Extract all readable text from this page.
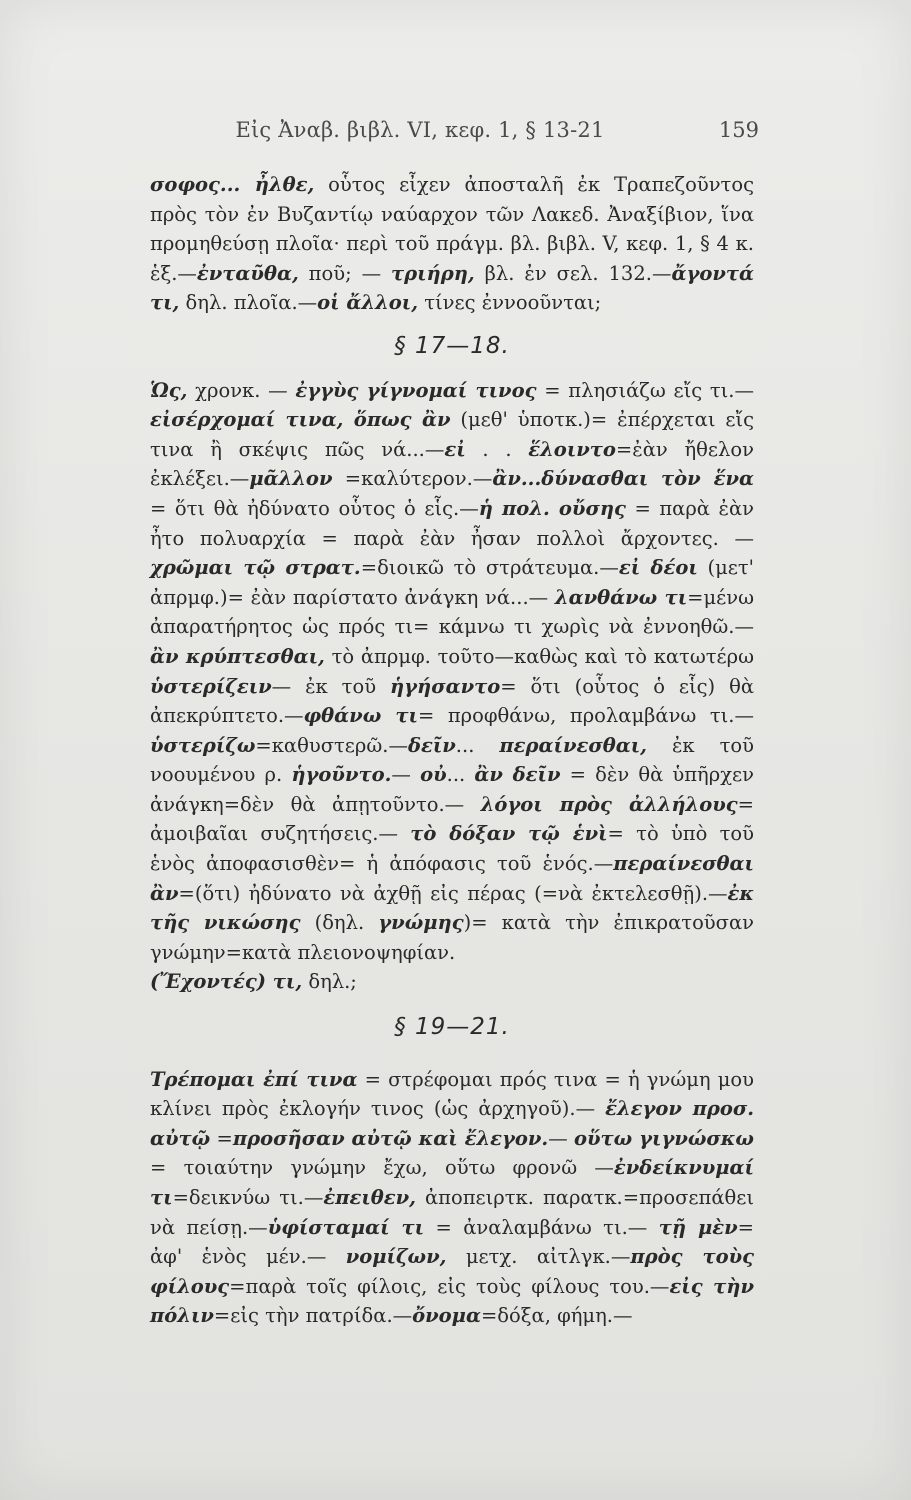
Εἰς Ἀναβ. βιβλ. VI, κεφ. 1, § 13-21	159

σοφος... ἦλθε, οὗτος εἶχεν ἀποσταλῆ ἐκ Τραπεζοῦντος πρὸς τὸν ἐν Βυζαντίῳ ναύαρχον τῶν Λακεδ. Ἀναξίβιον, ἵνα προμηθεύσῃ πλοῖα· περὶ τοῦ πράγμ. βλ. βιβλ. V, κεφ. 1, § 4 κ. ἑξ.—ἐνταῦθα, ποῦ; — τριήρη, βλ. ἐν σελ. 132.—ἄγοντά τι, δηλ. πλοῖα.—οἱ ἄλλοι, τίνες ἐννοοῦνται;

§ 17—18.

Ὡς, χρονκ. — ἐγγὺς γίγνομαί τινος = πλησιάζω εἴς τι.— εἰσέρχομαί τινα, ὅπως ἂν (μεθ' ὑποτκ.)= ἐπέρχεται εἴς τινα ἢ σκέψις πῶς νά...—εἰ . . ἕλοιντο=ἐὰν ἤθελον ἐκλέξει.—μᾶλλον =καλύτερον.—ἂν...δύνασθαι τὸν ἕνα = ὅτι θὰ ἠδύνατο οὗτος ὁ εἷς.—ἡ πολ. οὔσης = παρὰ ἐὰν ἦτο πολυαρχία = παρὰ ἐὰν ἦσαν πολλοὶ ἄρχοντες. — χρῶμαι τῷ στρατ.=διοικῶ τὸ στράτευμα.—εἰ δέοι (μετ' ἀπρμφ.)= ἐὰν παρίστατο ἀνάγκη νά...— λανθάνω τι=μένω ἀπαρατήρητος ὡς πρός τι= κάμνω τι χωρὶς νὰ ἐννοηθῶ.—ἂν κρύπτεσθαι, τὸ ἀπρμφ. τοῦτο—καθὼς καὶ τὸ κατωτέρω ὑστερίζειν— ἐκ τοῦ ἡγήσαντο= ὅτι (οὗτος ὁ εἷς) θὰ ἀπεκρύπτετο.—φθάνω τι= προφθάνω, προλαμβάνω τι.— ὑστερίζω=καθυστερῶ.—δεῖν... περαίνεσθαι, ἐκ τοῦ νοουμένου ρ. ἡγοῦντο.— οὐ... ἂν δεῖν = δὲν θὰ ὑπῆρχεν ἀνάγκη=δὲν θὰ ἀπῃτοῦντο.— λόγοι πρὸς ἀλλήλους= ἀμοιβαῖαι συζητήσεις.— τὸ δόξαν τῷ ἑνὶ= τὸ ὑπὸ τοῦ ἑνὸς ἀποφασισθὲν= ἡ ἀπόφασις τοῦ ἑνός.—περαίνεσθαι ἂν=(ὅτι) ἠδύνατο νὰ ἀχθῇ εἰς πέρας (=νὰ ἐκτελεσθῇ).—ἐκ τῆς νικώσης (δηλ. γνώμης)= κατὰ τὴν ἐπικρατοῦσαν γνώμην=κατὰ πλειονοψηφίαν.

(Ἔχοντές) τι, δηλ.;

§ 19—21.

Τρέπομαι ἐπί τινα = στρέφομαι πρός τινα = ἡ γνώμη μου κλίνει πρὸς ἐκλογήν τινος (ὡς ἀρχηγοῦ).— ἔλεγον προσ. αὐτῷ =προσῆσαν αὐτῷ καὶ ἔλεγον.— οὕτω γιγνώσκω = τοιαύτην γνώμην ἔχω, οὕτω φρονῶ —ἐνδείκνυμαί τι=δεικνύω τι.—ἐπειθεν, ἀποπειρτκ. παρατκ.=προσεπάθει νὰ πείσῃ.—ὑφίσταμαί τι = ἀναλαμβάνω τι.— τῇ μὲν= ἀφ' ἑνὸς μέν.— νομίζων, μετχ. αἰτλγκ.—πρὸς τοὺς φίλους=παρὰ τοῖς φίλοις, εἰς τοὺς φίλους του.—εἰς τὴν πόλιν=εἰς τὴν πατρίδα.—ὄνομα=δόξα, φήμη.—
